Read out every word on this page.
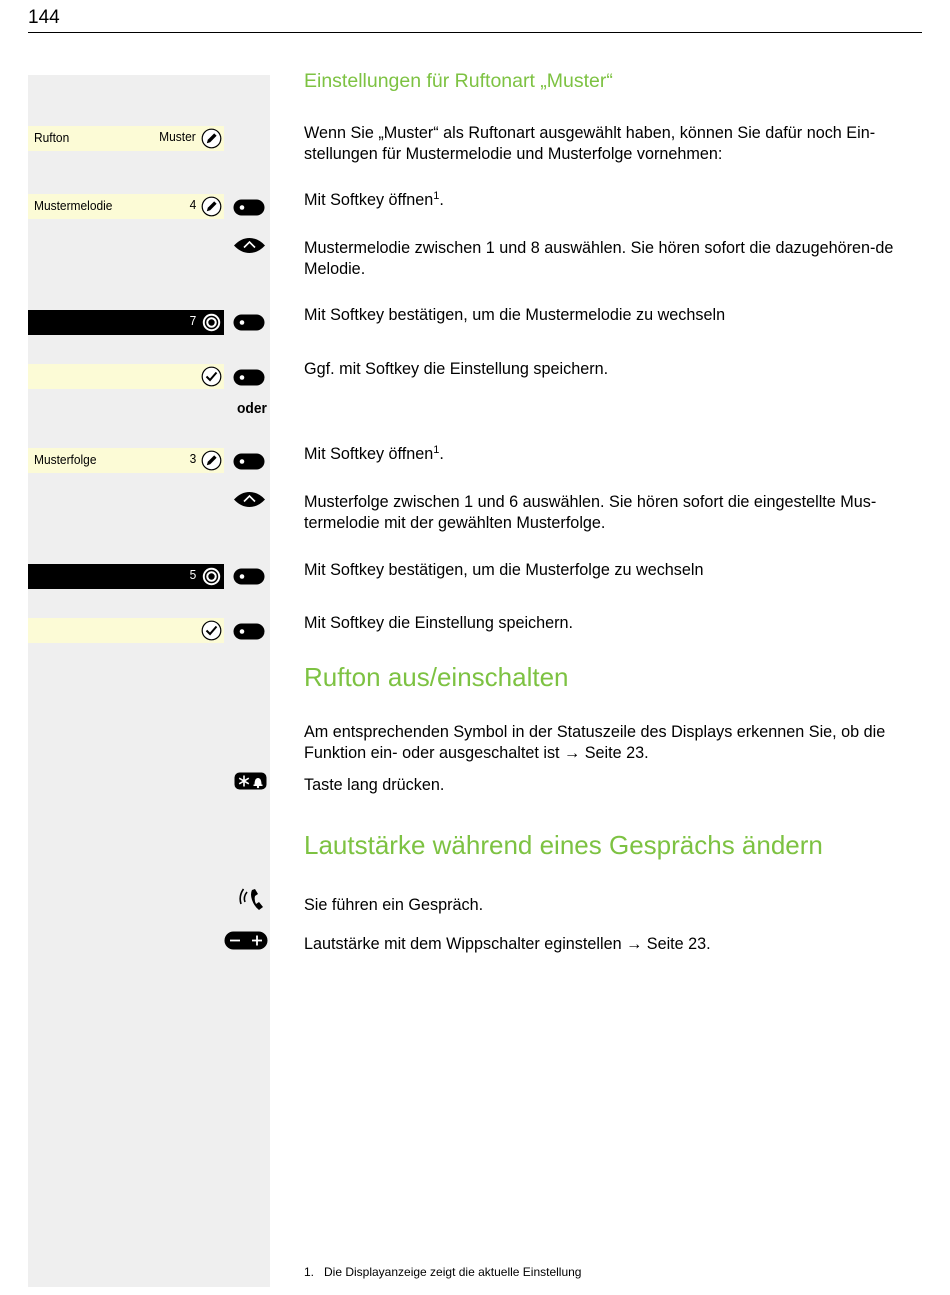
144
Rufton	Muster
Mustermelodie	4
7
oder
Musterfolge	3
5
Einstellungen für Ruftonart „Muster“
Wenn Sie „Muster“ als Ruftonart ausgewählt haben, können Sie dafür noch Ein-stellungen für Mustermelodie und Musterfolge vornehmen:
Mit Softkey öffnen$^1$.
Mustermelodie zwischen 1 und 8 auswählen. Sie hören sofort die dazugehören-de Melodie.
Mit Softkey bestätigen, um die Mustermelodie zu wechseln
Ggf. mit Softkey die Einstellung speichern.
Mit Softkey öffnen$^1$.
Musterfolge zwischen 1 und 6 auswählen. Sie hören sofort die eingestellte Mus-termelodie mit der gewählten Musterfolge.
Mit Softkey bestätigen, um die Musterfolge zu wechseln
Mit Softkey die Einstellung speichern.
Rufton aus/einschalten
Am entsprechenden Symbol in der Statuszeile des Displays erkennen Sie, ob die Funktion ein- oder ausgeschaltet ist → Seite 23.
Taste lang drücken.
Lautstärke während eines Gesprächs ändern
Sie führen ein Gespräch.
Lautstärke mit dem Wippschalter eginstellen → Seite 23.
1. Die Displayanzeige zeigt die aktuelle Einstellung
